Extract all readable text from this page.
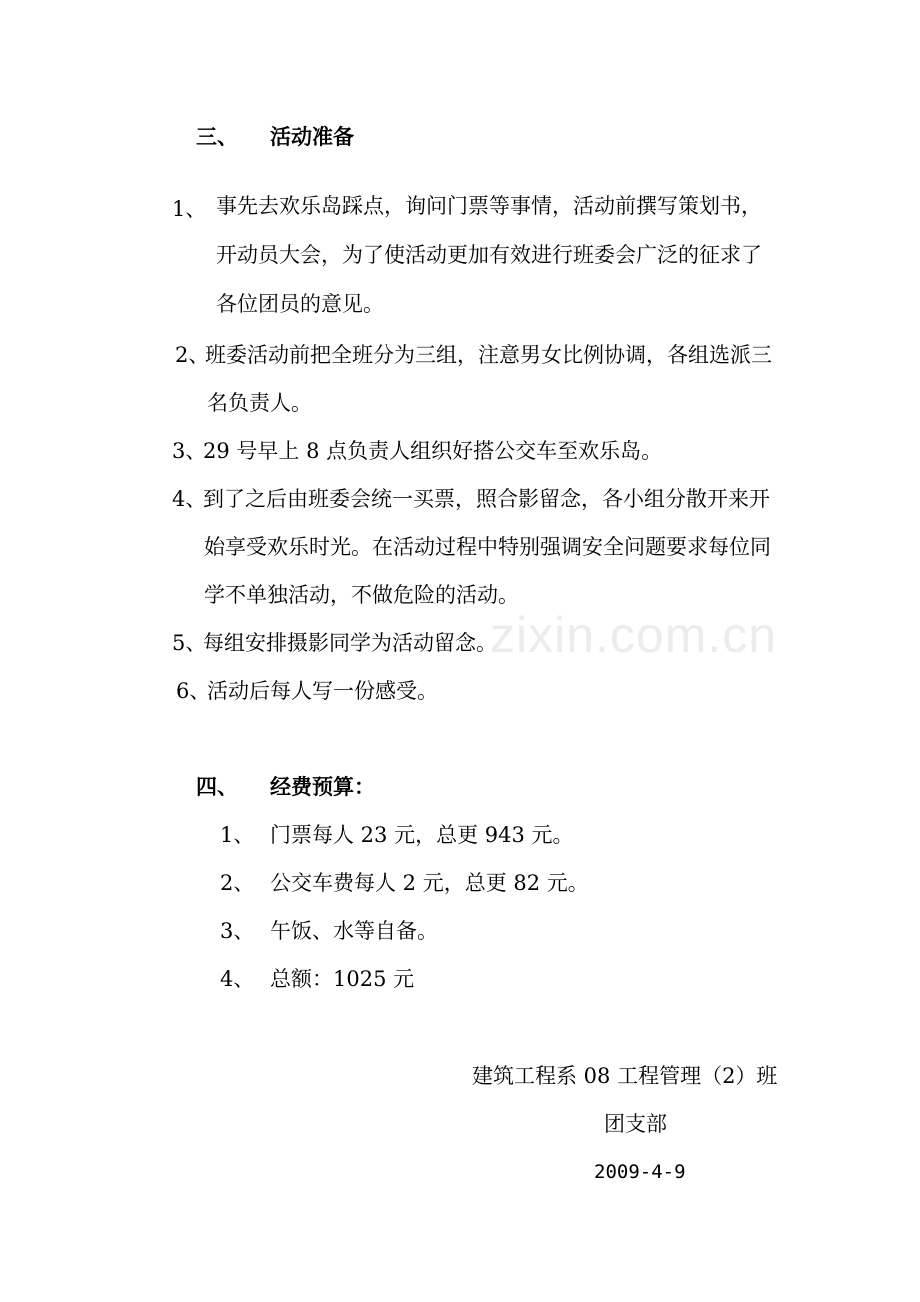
zixin.com.cn
三、 活动准备
1、 事先去欢乐岛踩点，询问门票等事情，活动前撰写策划书，
开动员大会，为了使活动更加有效进行班委会广泛的征求了
各位团员的意见。
2、
班委活动前把全班分为三组，注意男女比例协调，各组选派三
名负责人。
3、
29 号早上 8 点负责人组织好搭公交车至欢乐岛。
4、
到了之后由班委会统一买票，照合影留念，各小组分散开来开
始享受欢乐时光。在活动过程中特别强调安全问题要求每位同
学不单独活动，不做危险的活动。
5、
每组安排摄影同学为活动留念。
6、
活动后每人写一份感受。
四、 经费预算：
1、 门票每人 23 元，总更 943 元。
2、 公交车费每人 2 元，总更 82 元。
3、 午饭、水等自备。
4、 总额：1025 元
建筑工程系 08 工程管理（2）班
团支部
2009-4-9
